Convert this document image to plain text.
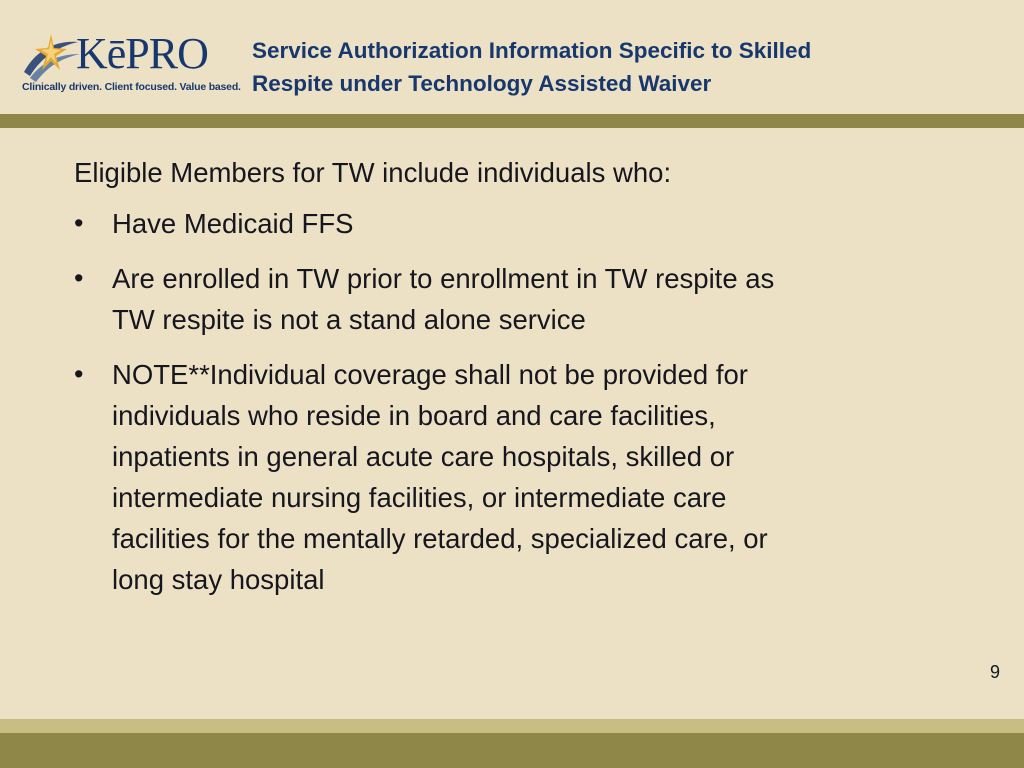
KēPRO
Clinically driven. Client focused. Value based.
Service Authorization Information Specific to Skilled
Respite under Technology Assisted Waiver

Eligible Members for TW include individuals who:

• Have Medicaid FFS
• Are enrolled in TW prior to enrollment in TW respite as
TW respite is not a stand alone service
• NOTE**Individual coverage shall not be provided for
individuals who reside in board and care facilities,
inpatients in general acute care hospitals, skilled or
intermediate nursing facilities, or intermediate care
facilities for the mentally retarded, specialized care, or
long stay hospital
9
